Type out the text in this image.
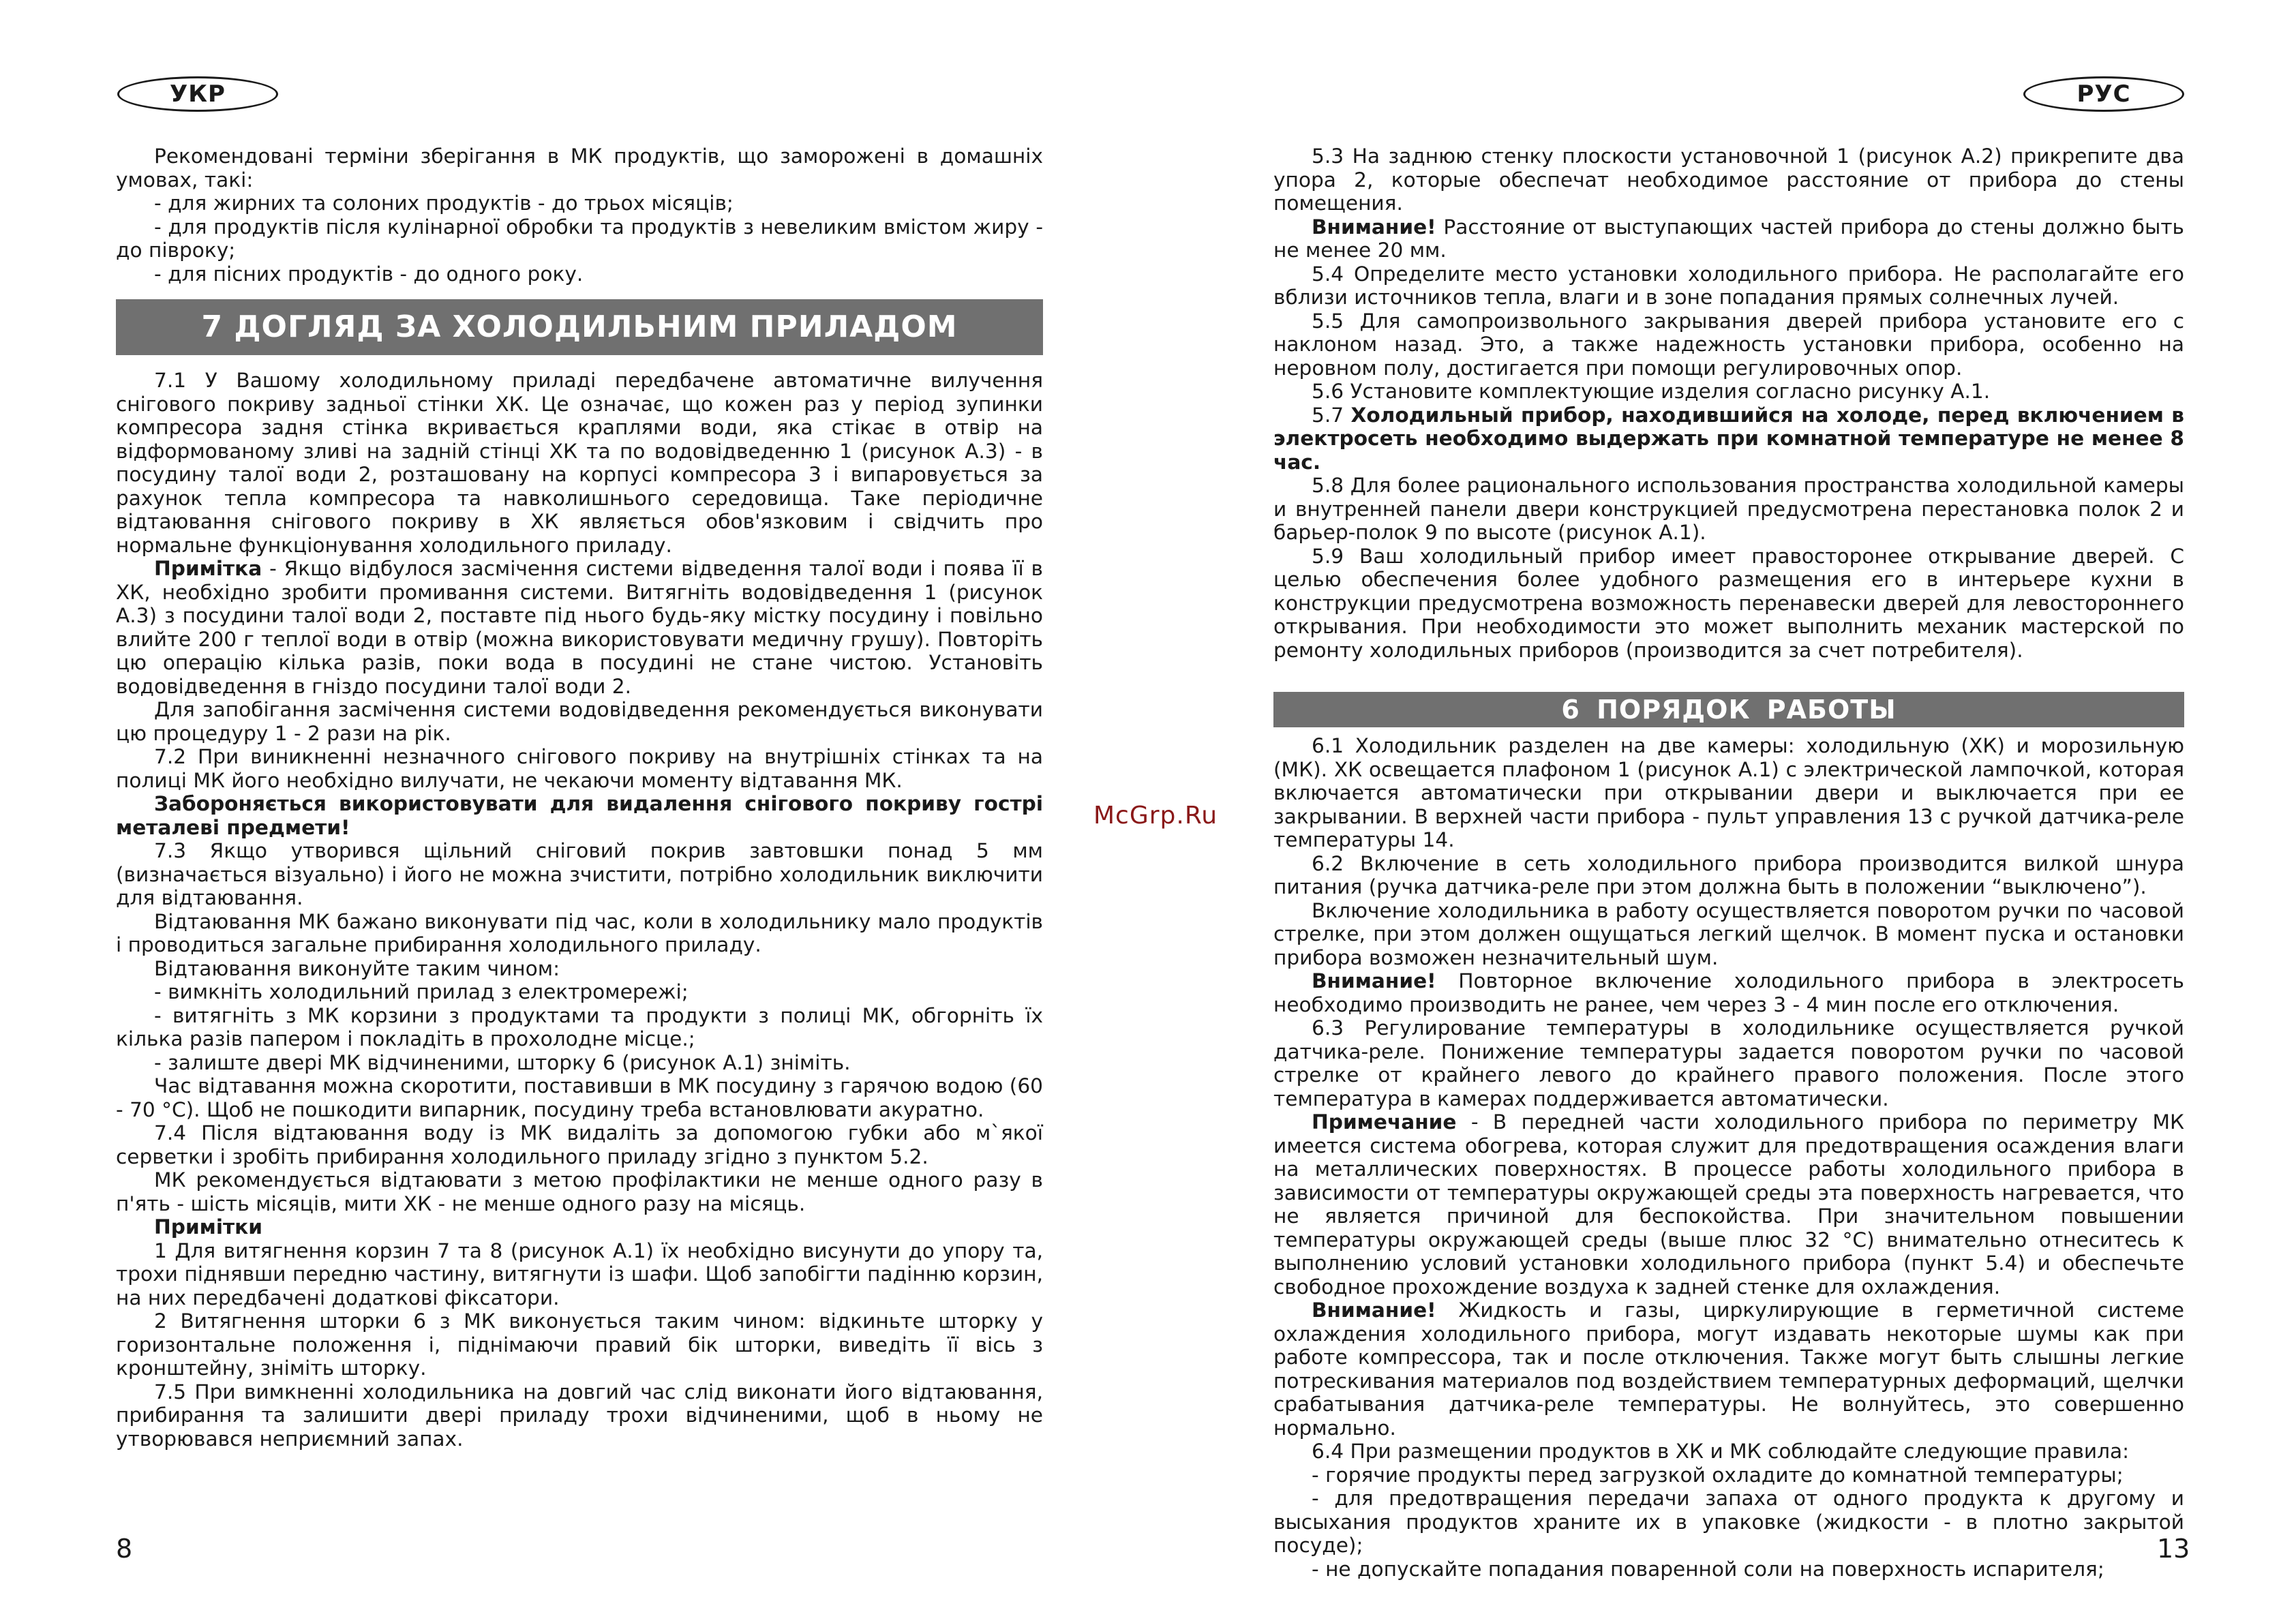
УКР	РУС

Рекомендовані терміни зберігання в МК продуктів, що заморожені в домашніх умовах, такі:

- для жирних та солоних продуктів - до трьох місяців;

- для продуктів після кулінарної обробки та продуктів з невеликим вмістом жиру - до півроку;

- для пісних продуктів - до одного року.

7 ДОГЛЯД ЗА ХОЛОДИЛЬНИМ ПРИЛАДОМ

7.1 У Вашому холодильному приладі передбачене автоматичне вилучення снігового покриву задньої стінки ХК. Це означає, що кожен раз у період зупинки компресора задня стінка вкривається краплями води, яка стікає в отвір на відформованому зливі на задній стінці ХК та по водовідведенню 1 (рисунок А.3) - в посудину талої води 2, розташовану на корпусі компресора 3 і випаровується за рахунок тепла компресора та навколишнього середовища. Таке періодичне відтаювання снігового покриву в ХК являється обов'язковим і свідчить про нормальне функціонування холодильного приладу.

Примітка - Якщо відбулося засмічення системи відведення талої води і поява її в ХК, необхідно зробити промивання системи. Витягніть водовідведення 1 (рисунок А.3) з посудини талої води 2, поставте під нього будь-яку містку посудину і повільно влийте 200 г теплої води в отвір (можна використовувати медичну грушу). Повторіть цю операцію кілька разів, поки вода в посудині не стане чистою. Установіть водовідведення в гніздо посудини талої води 2.

Для запобігання засмічення системи водовідведення рекомендується виконувати цю процедуру 1 - 2 рази на рік.

7.2 При виникненні незначного снігового покриву на внутрішніх стінках та на полиці МК його необхідно вилучати, не чекаючи моменту відтавання МК.

Забороняється використовувати для видалення снігового покриву гострі металеві предмети!

7.3 Якщо утворився щільний сніговий покрив завтовшки понад 5 мм (визначається візуально) і його не можна зчистити, потрібно холодильник виключити для відтаювання.

Відтаювання МК бажано виконувати під час, коли в холодильнику мало продуктів і проводиться загальне прибирання холодильного приладу.

Відтаювання виконуйте таким чином:

- вимкніть холодильний прилад з електромережі;

- витягніть з МК корзини з продуктами та продукти з полиці МК, обгорніть їх кілька разів папером і покладіть в прохолодне місце.;

- залиште двері МК відчиненими, шторку 6 (рисунок А.1) зніміть.

Час відтавання можна скоротити, поставивши в МК посудину з гарячою водою (60 - 70 °С). Щоб не пошкодити випарник, посудину треба встановлювати акуратно.

7.4 Після відтаювання воду із МК видаліть за допомогою губки або м`якої серветки і зробіть прибирання холодильного приладу згідно з пунктом 5.2.

МК рекомендується відтаювати з метою профілактики не менше одного разу в п'ять - шість місяців, мити ХК - не менше одного разу на місяць.

Примітки

1 Для витягнення корзин 7 та 8 (рисунок А.1) їх необхідно висунути до упору та, трохи піднявши передню частину, витягнути із шафи. Щоб запобігти падінню корзин, на них передбачені додаткові фіксатори.

2 Витягнення шторки 6 з МК виконується таким чином: відкиньте шторку у горизонтальне положення і, піднімаючи правий бік шторки, виведіть її вісь з кронштейну, зніміть шторку.

7.5 При вимкненні холодильника на довгий час слід виконати його відтаювання, прибирання та залишити двері приладу трохи відчиненими, щоб в ньому не утворювався неприємний запах.

5.3 На заднюю стенку плоскости установочной 1 (рисунок А.2) прикрепите два упора 2, которые обеспечат необходимое расстояние от прибора до стены помещения.

Внимание! Расстояние от выступающих частей прибора до стены должно быть не менее 20 мм.

5.4 Определите место установки холодильного прибора. Не располагайте его вблизи источников тепла, влаги и в зоне попадания прямых солнечных лучей.

5.5 Для самопроизвольного закрывания дверей прибора установите его с наклоном назад. Это, а также надежность установки прибора, особенно на неровном полу, достигается при помощи регулировочных опор.

5.6 Установите комплектующие изделия согласно рисунку А.1.

5.7 Холодильный прибор, находившийся на холоде, перед включением в электросеть необходимо выдержать при комнатной температуре не менее 8 час.

5.8 Для более рационального использования пространства холодильной камеры и внутренней панели двери конструкцией предусмотрена перестановка полок 2 и барьер-полок 9 по высоте (рисунок А.1).

5.9 Ваш холодильный прибор имеет правосторонее открывание дверей. С целью обеспечения более удобного размещения его в интерьере кухни в конструкции предусмотрена возможность перенавески дверей для левостороннего открывания. При необходимости это может выполнить механик мастерской по ремонту холодильных приборов (производится за счет потребителя).

6 ПОРЯДОК РАБОТЫ

6.1 Холодильник разделен на две камеры: холодильную (ХК) и морозильную (МК). ХК освещается плафоном 1 (рисунок А.1) с электрической лампочкой, которая включается автоматически при открывании двери и выключается при ее закрывании. В верхней части прибора - пульт управления 13 с ручкой датчика-реле температуры 14.

6.2 Включение в сеть холодильного прибора производится вилкой шнура питания (ручка датчика-реле при этом должна быть в положении “выключено”).

Включение холодильника в работу осуществляется поворотом ручки по часовой стрелке, при этом должен ощущаться легкий щелчок. В момент пуска и остановки прибора возможен незначительный шум.

Внимание! Повторное включение холодильного прибора в электросеть необходимо производить не ранее, чем через 3 - 4 мин после его отключения.

6.3 Регулирование температуры в холодильнике осуществляется ручкой датчика-реле. Понижение температуры задается поворотом ручки по часовой стрелке от крайнего левого до крайнего правого положения. После этого температура в камерах поддерживается автоматически.

Примечание - В передней части холодильного прибора по периметру МК имеется система обогрева, которая служит для предотвращения осаждения влаги на металлических поверхностях. В процессе работы холодильного прибора в зависимости от температуры окружающей среды эта поверхность нагревается, что не является причиной для беспокойства. При значительном повышении температуры окружающей среды (выше плюс 32 °С) внимательно отнеситесь к выполнению условий установки холодильного прибора (пункт 5.4) и обеспечьте свободное прохождение воздуха к задней стенке для охлаждения.

Внимание! Жидкость и газы, циркулирующие в герметичной системе охлаждения холодильного прибора, могут издавать некоторые шумы как при работе компрессора, так и после отключения. Также могут быть слышны легкие потрескивания материалов под воздействием температурных деформаций, щелчки срабатывания датчика-реле температуры. Не волнуйтесь, это совершенно нормально.

6.4 При размещении продуктов в ХК и МК соблюдайте следующие правила:

- горячие продукты перед загрузкой охладите до комнатной температуры;

- для предотвращения передачи запаха от одного продукта к другому и высыхания продуктов храните их в упаковке (жидкости - в плотно закрытой посуде);

- не допускайте попадания поваренной соли на поверхность испарителя;

8	13
McGrp.Ru
